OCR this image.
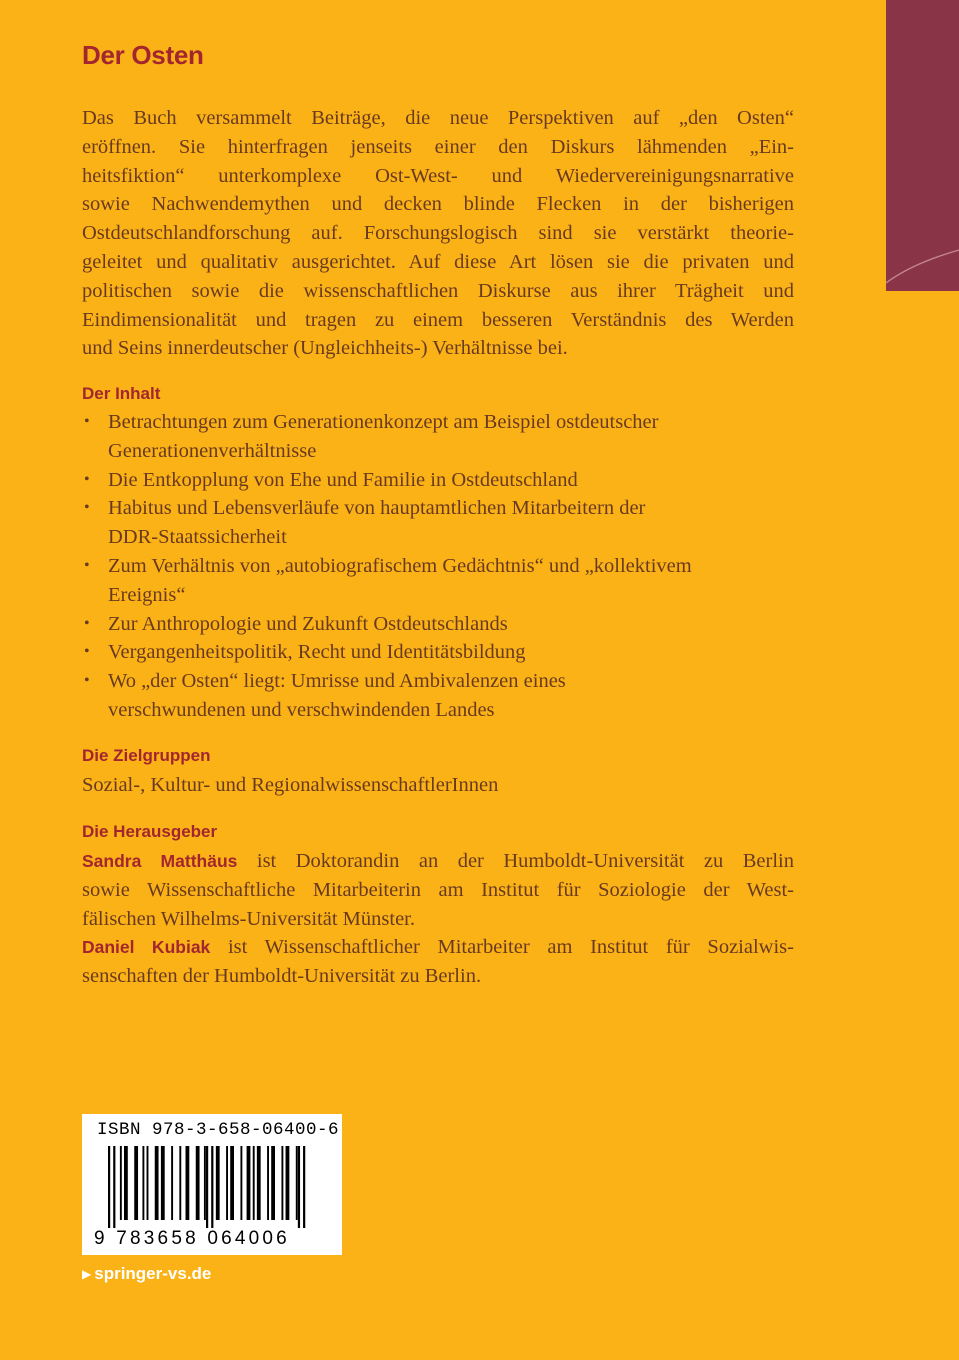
Der Osten

Das Buch versammelt Beiträge, die neue Perspektiven auf „den Osten“
eröffnen. Sie hinterfragen jenseits einer den Diskurs lähmenden „Ein-
heitsfiktion“ unterkomplexe Ost-West- und Wiedervereinigungsnarrative
sowie Nachwendemythen und decken blinde Flecken in der bisherigen
Ostdeutschlandforschung auf. Forschungslogisch sind sie verstärkt theorie-
geleitet und qualitativ ausgerichtet. Auf diese Art lösen sie die privaten und
politischen sowie die wissenschaftlichen Diskurse aus ihrer Trägheit und
Eindimensionalität und tragen zu einem besseren Verständnis des Werden
und Seins innerdeutscher (Ungleichheits-) Verhältnisse bei.

Der Inhalt
• Betrachtungen zum Generationenkonzept am Beispiel ostdeutscher
Generationenverhältnisse
• Die Entkopplung von Ehe und Familie in Ostdeutschland
• Habitus und Lebensverläufe von hauptamtlichen Mitarbeitern der
DDR-Staatssicherheit
• Zum Verhältnis von „autobiografischem Gedächtnis“ und „kollektivem
Ereignis“
• Zur Anthropologie und Zukunft Ostdeutschlands
• Vergangenheitspolitik, Recht und Identitätsbildung
• Wo „der Osten“ liegt: Umrisse und Ambivalenzen eines
verschwundenen und verschwindenden Landes
Die Zielgruppen
Sozial-, Kultur- und RegionalwissenschaftlerInnen
Die Herausgeber
Sandra Matthäus ist Doktorandin an der Humboldt-Universität zu Berlin
sowie Wissenschaftliche Mitarbeiterin am Institut für Soziologie der West-
fälischen Wilhelms-Universität Münster.
Daniel Kubiak ist Wissenschaftlicher Mitarbeiter am Institut für Sozialwis-
senschaften der Humboldt-Universität zu Berlin.
ISBN 978-3-658-06400-6
9 783658 064006
▶ springer-vs.de
